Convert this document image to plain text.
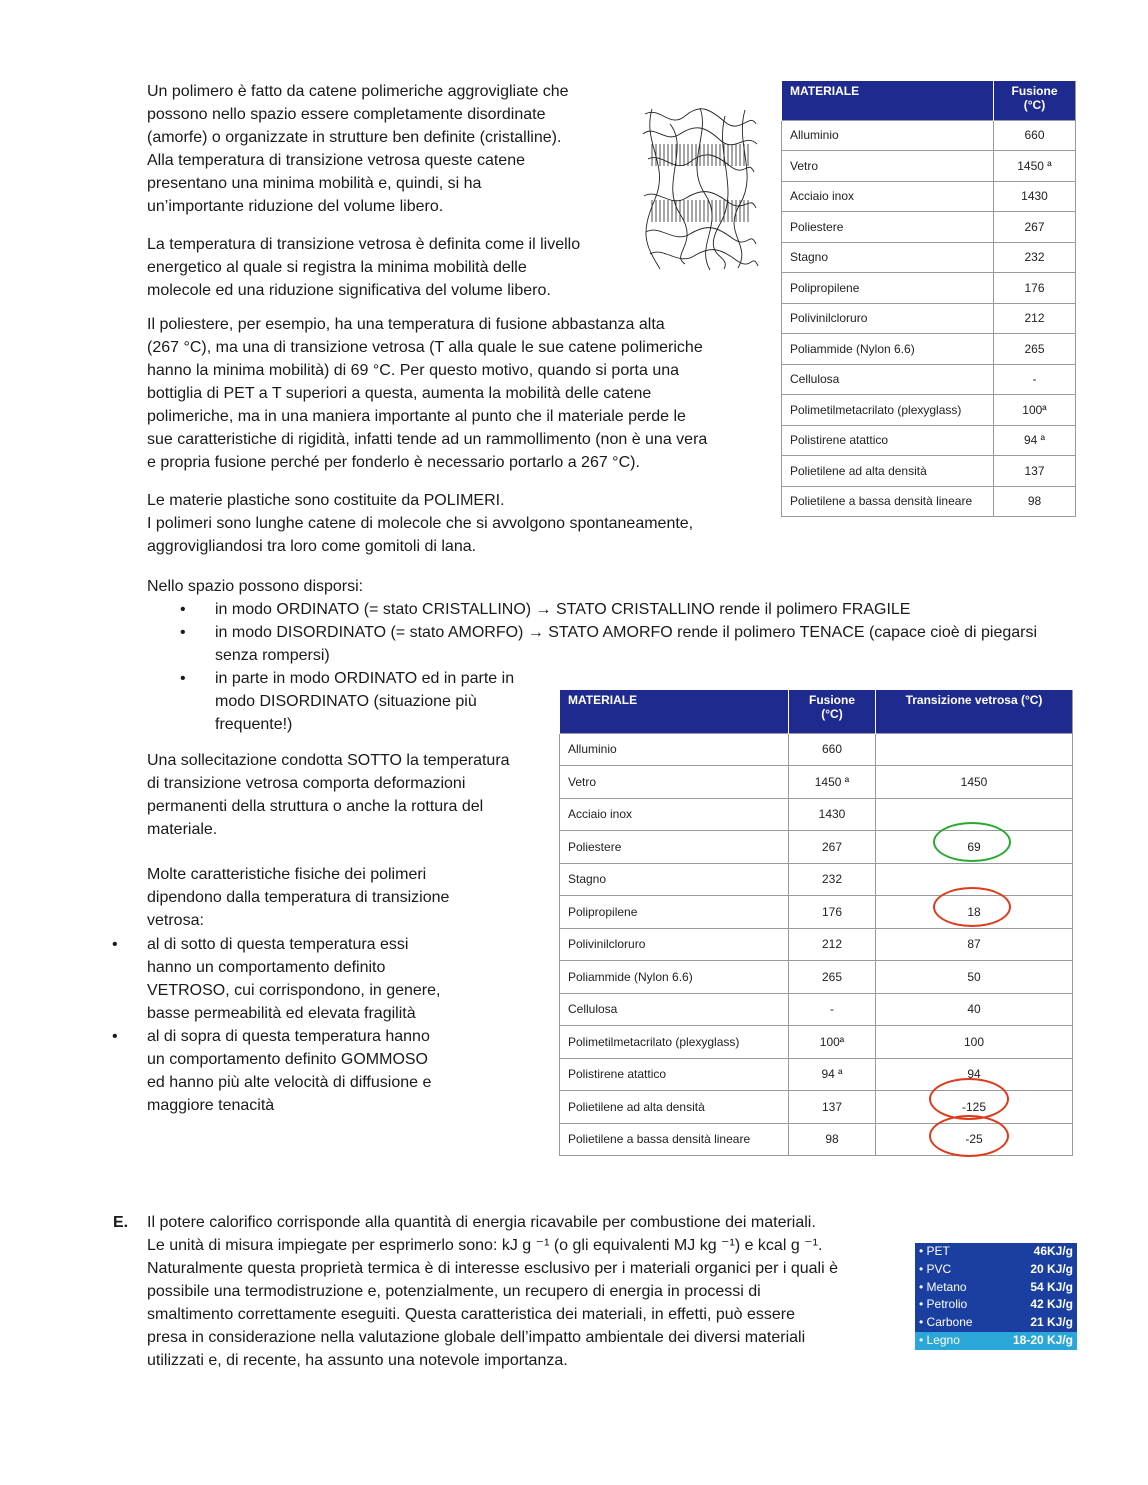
Un polimero è fatto da catene polimeriche aggrovigliate che
possono nello spazio essere completamente disordinate
(amorfe) o organizzate in strutture ben definite (cristalline).
Alla temperatura di transizione vetrosa queste catene
presentano una minima mobilità e, quindi, si ha
un’importante riduzione del volume libero.
La temperatura di transizione vetrosa è definita come il livello
energetico al quale si registra la minima mobilità delle
molecole ed una riduzione significativa del volume libero.
Il poliestere, per esempio, ha una temperatura di fusione abbastanza alta
(267 °C), ma una di transizione vetrosa (T alla quale le sue catene polimeriche
hanno la minima mobilità) di 69 °C. Per questo motivo, quando si porta una
bottiglia di PET a T superiori a questa, aumenta la mobilità delle catene
polimeriche, ma in una maniera importante al punto che il materiale perde le
sue caratteristiche di rigidità, infatti tende ad un rammollimento (non è una vera
e propria fusione perché per fonderlo è necessario portarlo a 267 °C).
Le materie plastiche sono costituite da POLIMERI.
I polimeri sono lunghe catene di molecole che si avvolgono spontaneamente,
aggrovigliandosi tra loro come gomitoli di lana.
Nello spazio possono disporsi:
• in modo ORDINATO (= stato CRISTALLINO) → STATO CRISTALLINO rende il polimero FRAGILE
• in modo DISORDINATO (= stato AMORFO) → STATO AMORFO rende il polimero TENACE (capace cioè di piegarsi
senza rompersi)
• in parte in modo ORDINATO ed in parte in
modo DISORDINATO (situazione più
frequente!)
Una sollecitazione condotta SOTTO la temperatura
di transizione vetrosa comporta deformazioni
permanenti della struttura o anche la rottura del
materiale.
Molte caratteristiche fisiche dei polimeri
dipendono dalla temperatura di transizione
vetrosa:
• al di sotto di questa temperatura essi
hanno un comportamento definito
VETROSO, cui corrispondono, in genere,
basse permeabilità ed elevata fragilità
• al di sopra di questa temperatura hanno
un comportamento definito GOMMOSO
ed hanno più alte velocità di diffusione e
maggiore tenacità
MATERIALE	Fusione (°C)
Alluminio	660
Vetro	1450 ª
Acciaio inox	1430
Poliestere	267
Stagno	232
Polipropilene	176
Polivinilcloruro	212
Poliammide (Nylon 6.6)	265
Cellulosa	-
Polimetilmetacrilato (plexyglass)	100ª
Polistirene atattico	94 ª
Polietilene ad alta densità	137
Polietilene a bassa densità lineare	98
MATERIALE	Fusione (°C)	Transizione vetrosa (°C)
Alluminio	660	
Vetro	1450 ª	1450
Acciaio inox	1430	
Poliestere	267	69
Stagno	232	
Polipropilene	176	18
Polivinilcloruro	212	87
Poliammide (Nylon 6.6)	265	50
Cellulosa	-	40
Polimetilmetacrilato (plexyglass)	100ª	100
Polistirene atattico	94 ª	94
Polietilene ad alta densità	137	-125
Polietilene a bassa densità lineare	98	-25
E. Il potere calorifico corrisponde alla quantità di energia ricavabile per combustione dei materiali.
Le unità di misura impiegate per esprimerlo sono: kJ g ⁻¹ (o gli equivalenti MJ kg ⁻¹) e kcal g ⁻¹.
Naturalmente questa proprietà termica è di interesse esclusivo per i materiali organici per i quali è
possibile una termodistruzione e, potenzialmente, un recupero di energia in processi di
smaltimento correttamente eseguiti. Questa caratteristica dei materiali, in effetti, può essere
presa in considerazione nella valutazione globale dell’impatto ambientale dei diversi materiali
utilizzati e, di recente, ha assunto una notevole importanza.
• PET	46KJ/g
• PVC	20 KJ/g
• Metano	54 KJ/g
• Petrolio	42 KJ/g
• Carbone	21 KJ/g
• Legno	18-20 KJ/g
